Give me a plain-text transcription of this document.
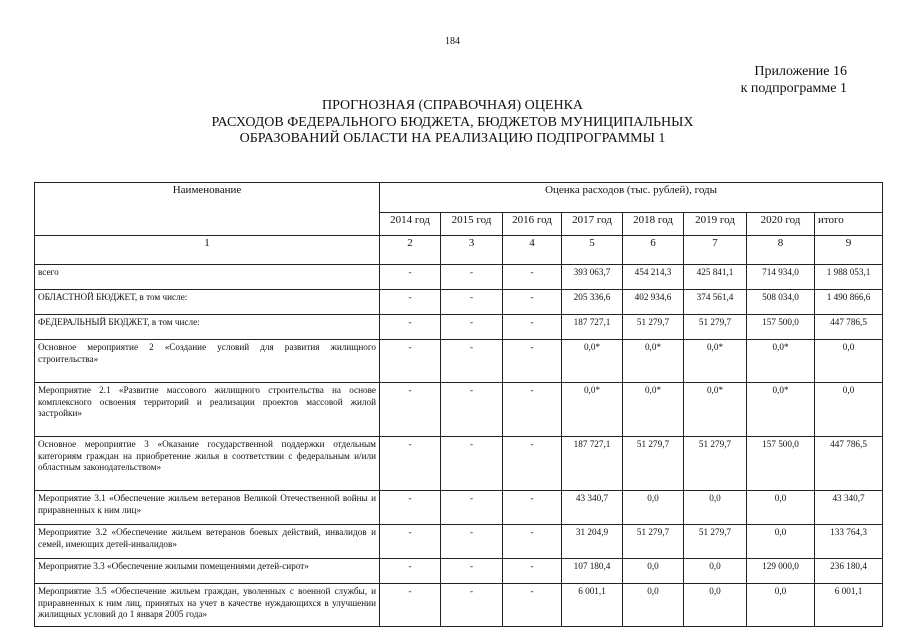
184
Приложение 16
к подпрограмме 1
ПРОГНОЗНАЯ (СПРАВОЧНАЯ) ОЦЕНКА
РАСХОДОВ ФЕДЕРАЛЬНОГО БЮДЖЕТА, БЮДЖЕТОВ МУНИЦИПАЛЬНЫХ
ОБРАЗОВАНИЙ ОБЛАСТИ НА РЕАЛИЗАЦИЮ ПОДПРОГРАММЫ 1
Наименование	Оценка расходов (тыс. рублей), годы							
	2014 год	2015 год	2016 год	2017 год	2018 год	2019 год	2020 год	итого
1	2	3	4	5	6	7	8	9
всего	-	-	-	393 063,7	454 214,3	425 841,1	714 934,0	1 988 053,1
ОБЛАСТНОЙ БЮДЖЕТ, в том числе:	-	-	-	205 336,6	402 934,6	374 561,4	508 034,0	1 490 866,6
ФЕДЕРАЛЬНЫЙ БЮДЖЕТ, в том числе:	-	-	-	187 727,1	51 279,7	51 279,7	157 500,0	447 786,5
Основное мероприятие 2 «Создание условий для развития жилищного строительства»	-	-	-	0,0*	0,0*	0,0*	0,0*	0,0
Мероприятие 2.1 «Развитие массового жилищного строительства на основе комплексного освоения территорий и реализации проектов массовой жилой застройки»	-	-	-	0,0*	0,0*	0,0*	0,0*	0,0
Основное мероприятие 3 «Оказание государственной поддержки отдельным категориям граждан на приобретение жилья в соответствии с федеральным и/или областным законодательством»	-	-	-	187 727,1	51 279,7	51 279,7	157 500,0	447 786,5
Мероприятие 3.1 «Обеспечение жильем ветеранов Великой Отечественной войны и приравненных к ним лиц»	-	-	-	43 340,7	0,0	0,0	0,0	43 340,7
Мероприятие 3.2 «Обеспечение жильем ветеранов боевых действий, инвалидов и семей, имеющих детей-инвалидов»	-	-	-	31 204,9	51 279,7	51 279,7	0,0	133 764,3
Мероприятие 3.3 «Обеспечение жилыми помещениями детей-сирот»	-	-	-	107 180,4	0,0	0,0	129 000,0	236 180,4
Мероприятие 3.5 «Обеспечение жильем граждан, уволенных с военной службы, и приравненных к ним лиц, принятых на учет в качестве нуждающихся в улучшении жилищных условий до 1 января 2005 года»	-	-	-	6 001,1	0,0	0,0	0,0	6 001,1
